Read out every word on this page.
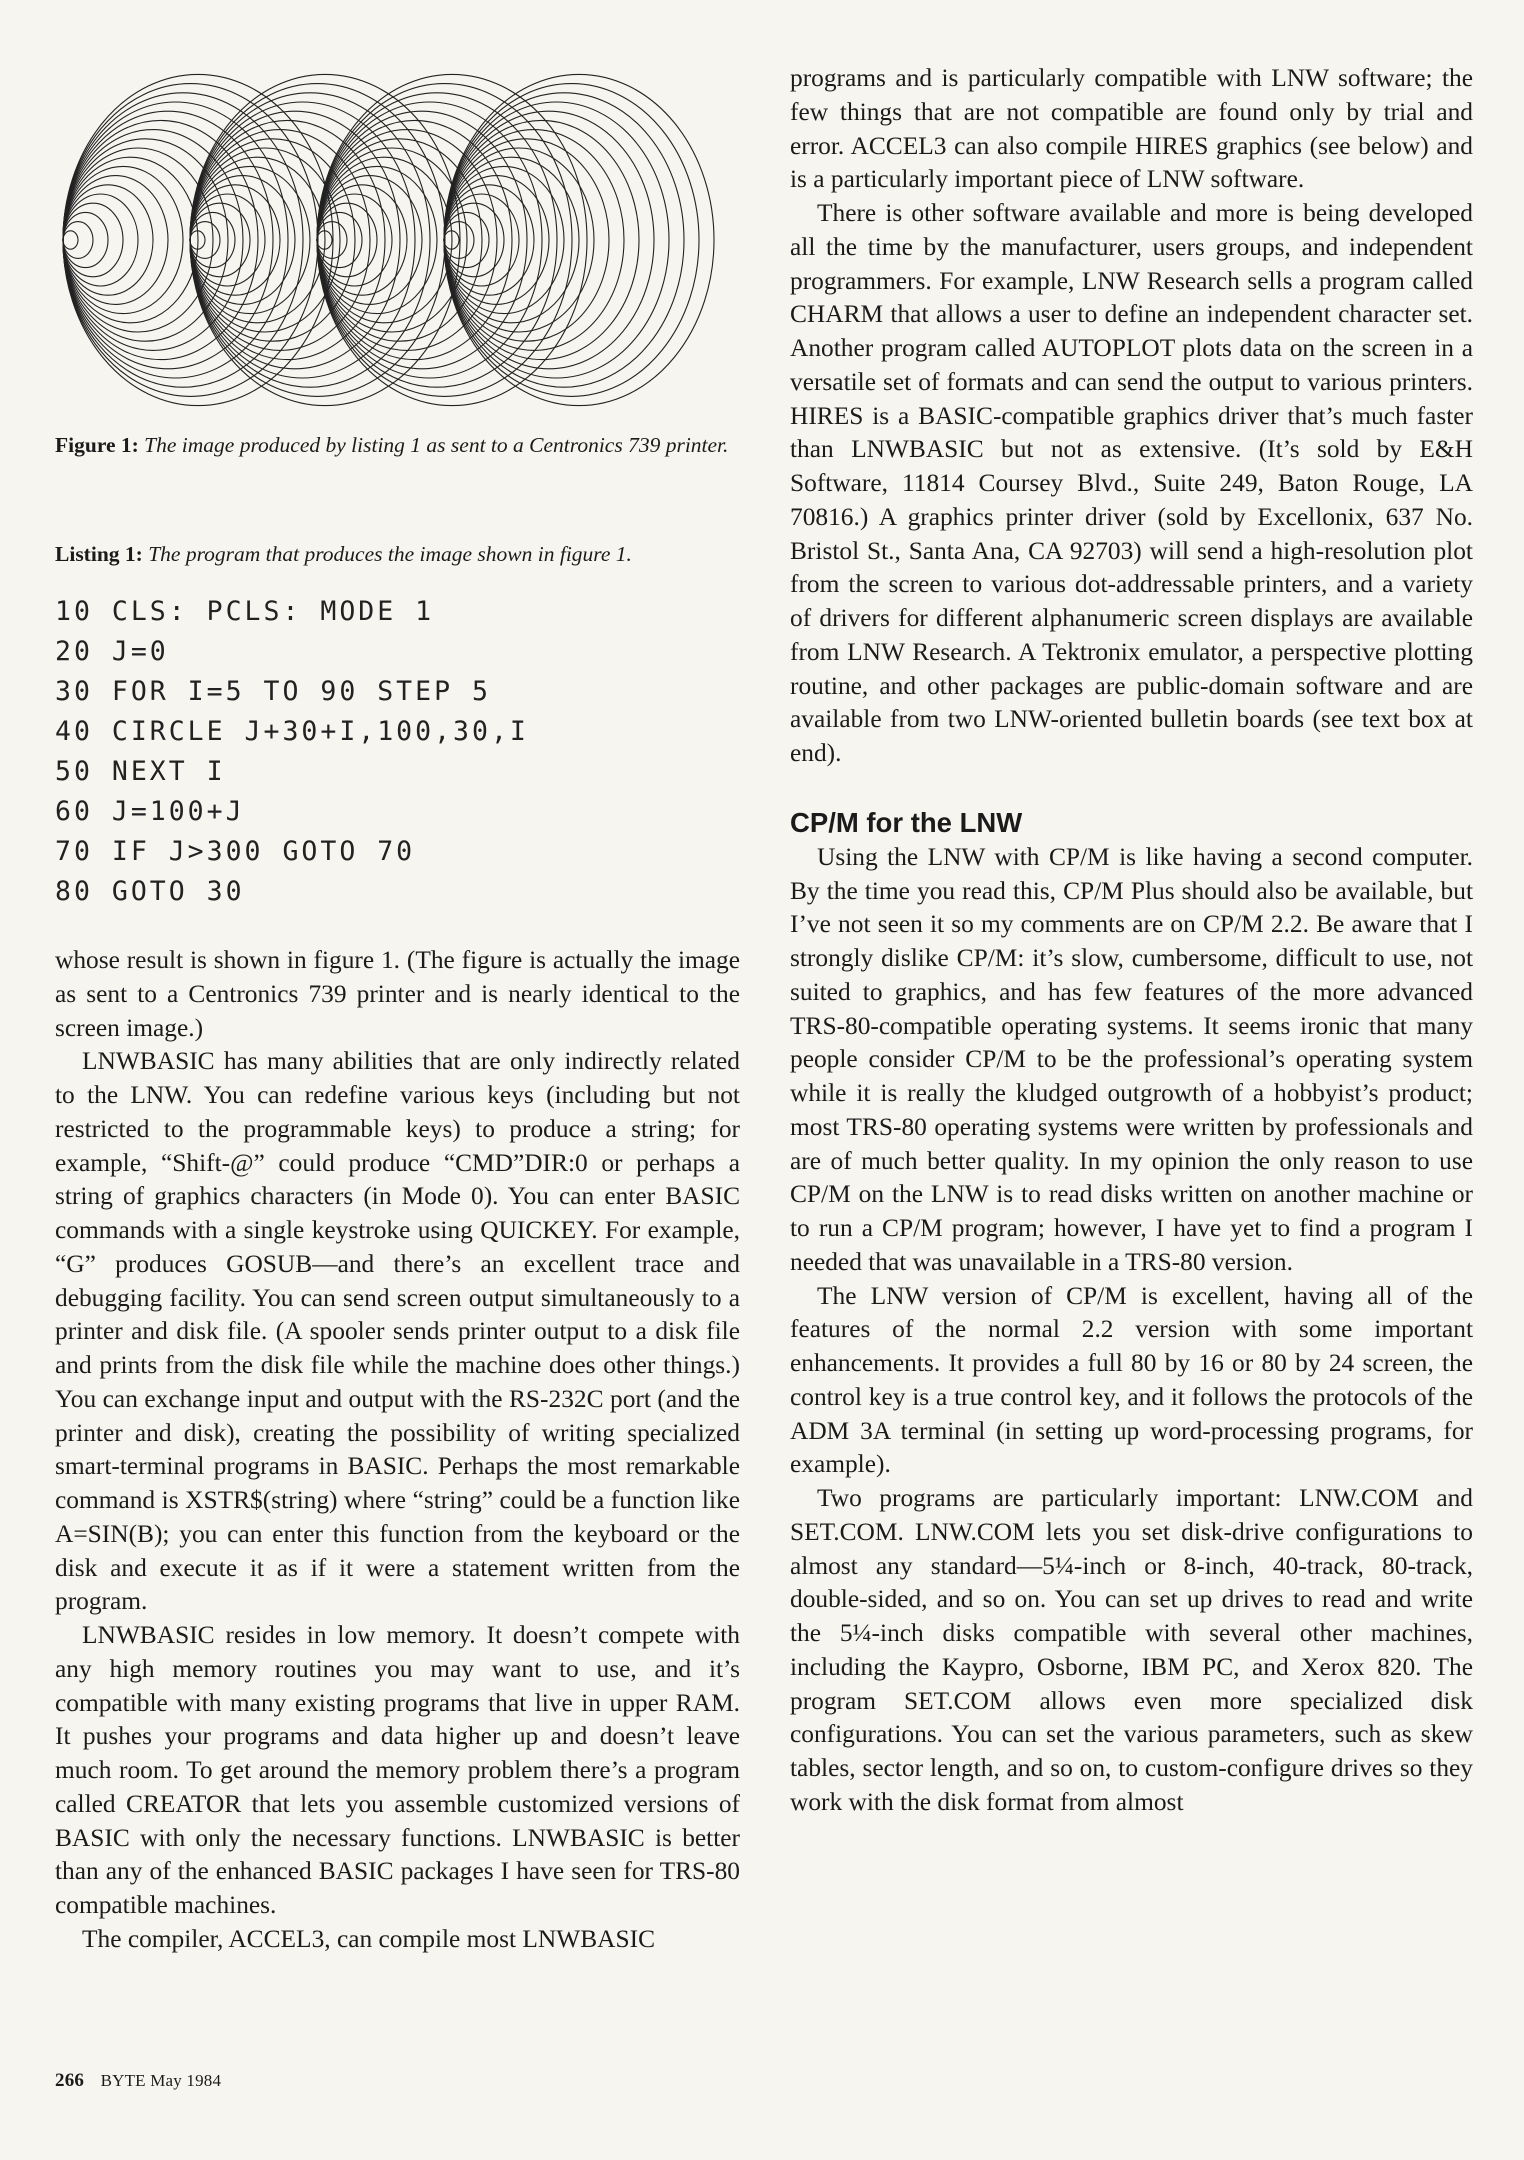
Figure 1: The image produced by listing 1 as sent to a Centronics 739 printer.

Listing 1: The program that produces the image shown in figure 1.

10 CLS: PCLS: MODE 1
20 J=0
30 FOR I=5 TO 90 STEP 5
40 CIRCLE J+30+I,100,30,I
50 NEXT I
60 J=100+J
70 IF J>300 GOTO 70
80 GOTO 30

whose result is shown in figure 1. (The figure is actually the image as sent to a Centronics 739 printer and is nearly identical to the screen image.)

LNWBASIC has many abilities that are only indirectly related to the LNW. You can redefine various keys (including but not restricted to the programmable keys) to produce a string; for example, “Shift-@” could produce “CMD”DIR:0 or perhaps a string of graphics characters (in Mode 0). You can enter BASIC commands with a single keystroke using QUICKEY. For example, “G” produces GOSUB—and there’s an excellent trace and debugging facility. You can send screen output simultaneously to a printer and disk file. (A spooler sends printer output to a disk file and prints from the disk file while the machine does other things.) You can exchange input and output with the RS-232C port (and the printer and disk), creating the possibility of writing specialized smart-terminal programs in BASIC. Perhaps the most remarkable command is XSTR$(string) where “string” could be a function like A=SIN(B); you can enter this function from the keyboard or the disk and execute it as if it were a statement written from the program.

LNWBASIC resides in low memory. It doesn’t compete with any high memory routines you may want to use, and it’s compatible with many existing programs that live in upper RAM. It pushes your programs and data higher up and doesn’t leave much room. To get around the memory problem there’s a program called CREATOR that lets you assemble customized versions of BASIC with only the necessary functions. LNWBASIC is better than any of the enhanced BASIC packages I have seen for TRS-80 compatible machines.

The compiler, ACCEL3, can compile most LNWBASIC

programs and is particularly compatible with LNW software; the few things that are not compatible are found only by trial and error. ACCEL3 can also compile HIRES graphics (see below) and is a particularly important piece of LNW software.

There is other software available and more is being developed all the time by the manufacturer, users groups, and independent programmers. For example, LNW Research sells a program called CHARM that allows a user to define an independent character set. Another program called AUTOPLOT plots data on the screen in a versatile set of formats and can send the output to various printers. HIRES is a BASIC-compatible graphics driver that’s much faster than LNWBASIC but not as extensive. (It’s sold by E&H Software, 11814 Coursey Blvd., Suite 249, Baton Rouge, LA 70816.) A graphics printer driver (sold by Excellonix, 637 No. Bristol St., Santa Ana, CA 92703) will send a high-resolution plot from the screen to various dot-addressable printers, and a variety of drivers for different alphanumeric screen displays are available from LNW Research. A Tektronix emulator, a perspective plotting routine, and other packages are public-domain software and are available from two LNW-oriented bulletin boards (see text box at end).

CP/M for the LNW

Using the LNW with CP/M is like having a second computer. By the time you read this, CP/M Plus should also be available, but I’ve not seen it so my comments are on CP/M 2.2. Be aware that I strongly dislike CP/M: it’s slow, cumbersome, difficult to use, not suited to graphics, and has few features of the more advanced TRS-80-compatible operating systems. It seems ironic that many people consider CP/M to be the professional’s operating system while it is really the kludged outgrowth of a hobbyist’s product; most TRS-80 operating systems were written by professionals and are of much better quality. In my opinion the only reason to use CP/M on the LNW is to read disks written on another machine or to run a CP/M program; however, I have yet to find a program I needed that was unavailable in a TRS-80 version.

The LNW version of CP/M is excellent, having all of the features of the normal 2.2 version with some important enhancements. It provides a full 80 by 16 or 80 by 24 screen, the control key is a true control key, and it follows the protocols of the ADM 3A terminal (in setting up word-processing programs, for example).

Two programs are particularly important: LNW.COM and SET.COM. LNW.COM lets you set disk-drive configurations to almost any standard—5¼-inch or 8-inch, 40-track, 80-track, double-sided, and so on. You can set up drives to read and write the 5¼-inch disks compatible with several other machines, including the Kaypro, Osborne, IBM PC, and Xerox 820. The program SET.COM allows even more specialized disk configurations. You can set the various parameters, such as skew tables, sector length, and so on, to custom-configure drives so they work with the disk format from almost

266 BYTE May 1984
